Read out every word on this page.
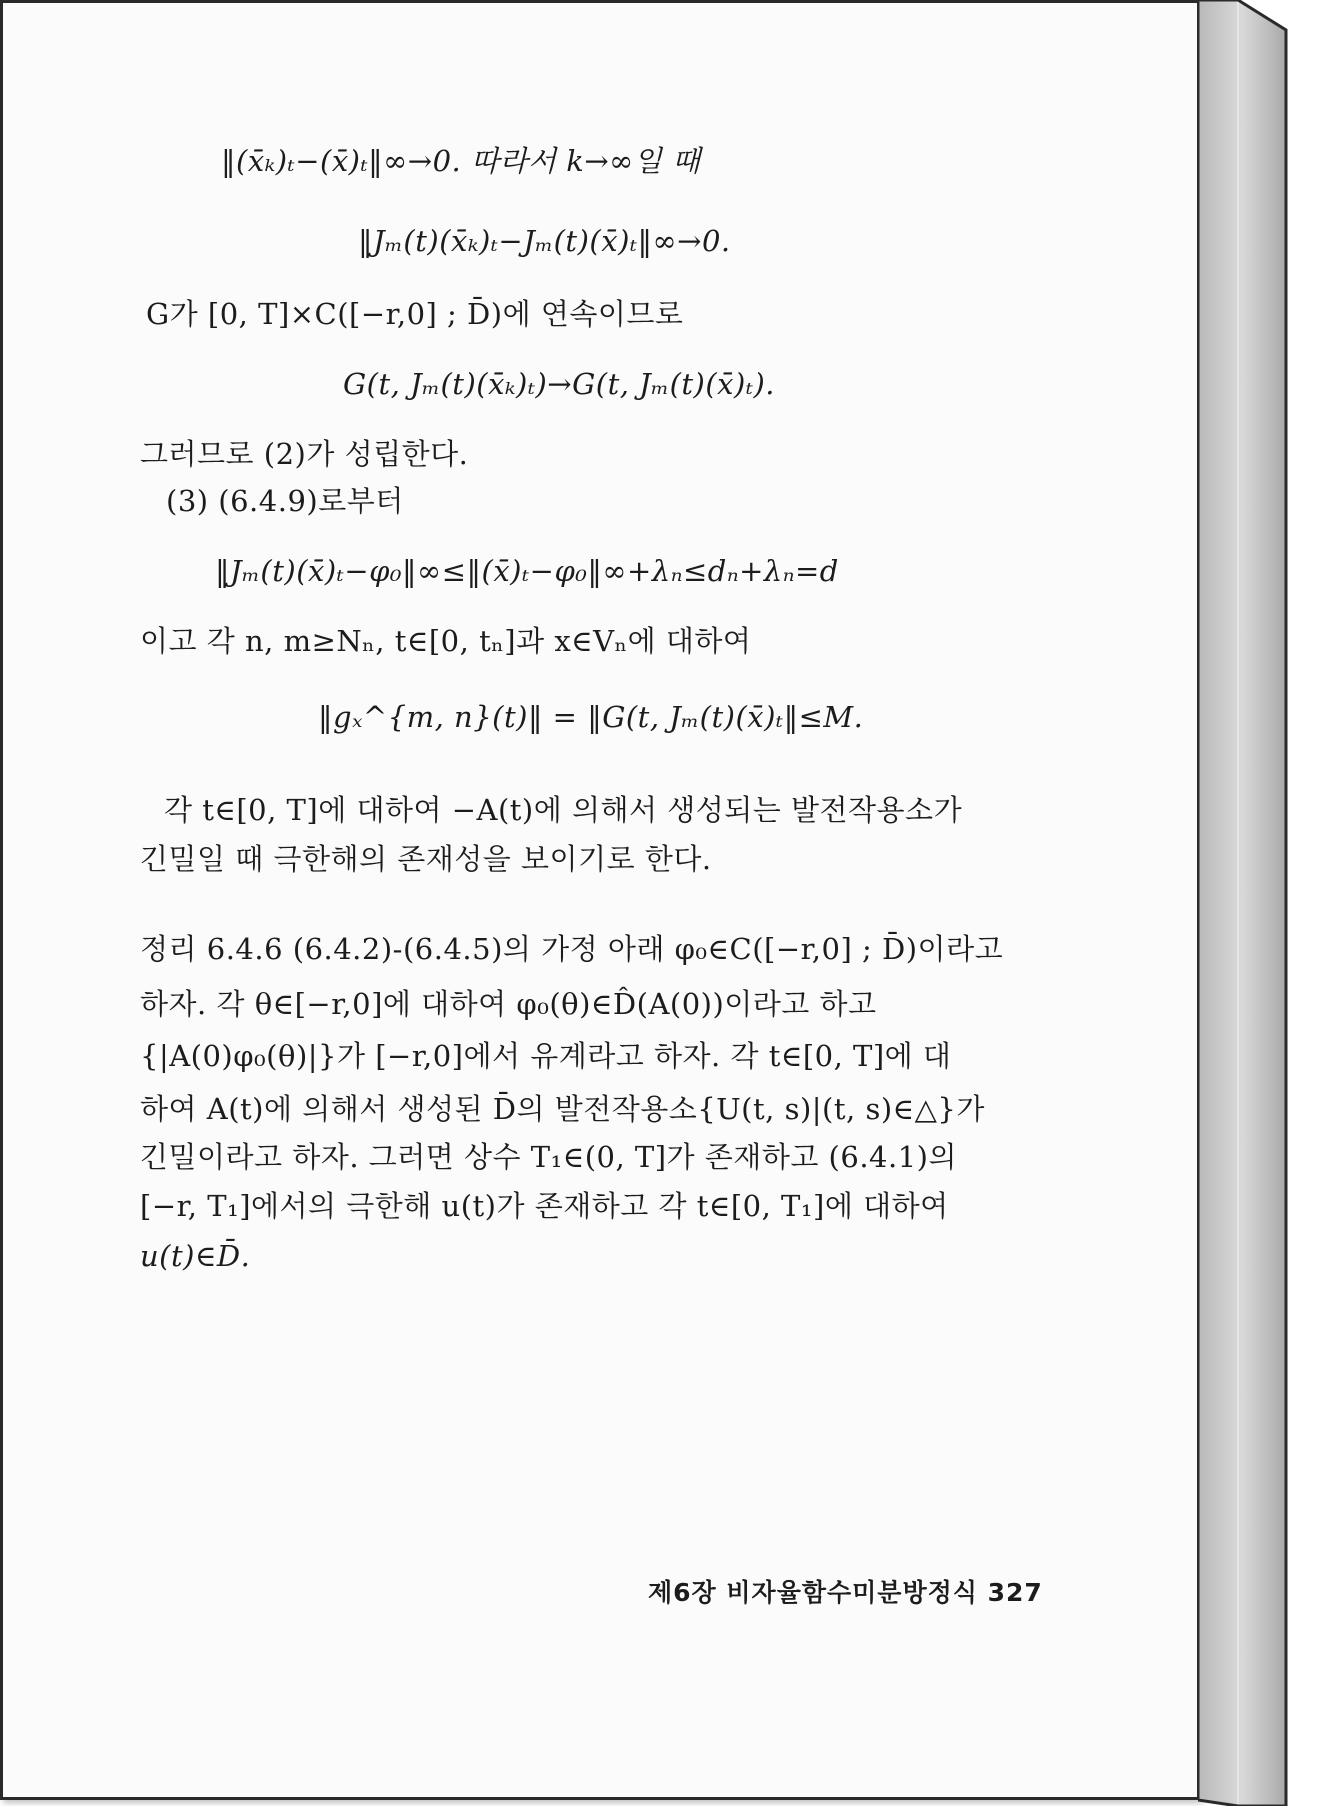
‖(x̄ₖ)ₜ−(x̄)ₜ‖∞→0. 따라서 k→∞일 때
‖Jₘ(t)(x̄ₖ)ₜ−Jₘ(t)(x̄)ₜ‖∞→0.
G가 [0, T]×C([−r,0] ; D̄)에 연속이므로
G(t, Jₘ(t)(x̄ₖ)ₜ)→G(t, Jₘ(t)(x̄)ₜ).
그러므로 (2)가 성립한다.
(3) (6.4.9)로부터
‖Jₘ(t)(x̄)ₜ−φ₀‖∞≤‖(x̄)ₜ−φ₀‖∞+λₙ≤dₙ+λₙ=d
이고 각 n, m≥Nₙ, t∈[0, tₙ]과 x∈Vₙ에 대하여
‖gₓ^{m, n}(t)‖ = ‖G(t, Jₘ(t)(x̄)ₜ‖≤M.
각 t∈[0, T]에 대하여 −A(t)에 의해서 생성되는 발전작용소가
긴밀일 때 극한해의 존재성을 보이기로 한다.
정리 6.4.6 (6.4.2)-(6.4.5)의 가정 아래 φ₀∈C([−r,0] ; D̄)이라고
하자. 각 θ∈[−r,0]에 대하여 φ₀(θ)∈D̂(A(0))이라고 하고
{|A(0)φ₀(θ)|}가 [−r,0]에서 유계라고 하자. 각 t∈[0, T]에 대
하여 A(t)에 의해서 생성된 D̄의 발전작용소{U(t, s)|(t, s)∈△}가
긴밀이라고 하자. 그러면 상수 T₁∈(0, T]가 존재하고 (6.4.1)의
[−r, T₁]에서의 극한해 u(t)가 존재하고 각 t∈[0, T₁]에 대하여
u(t)∈D̄.
제6장 비자율함수미분방정식 327
